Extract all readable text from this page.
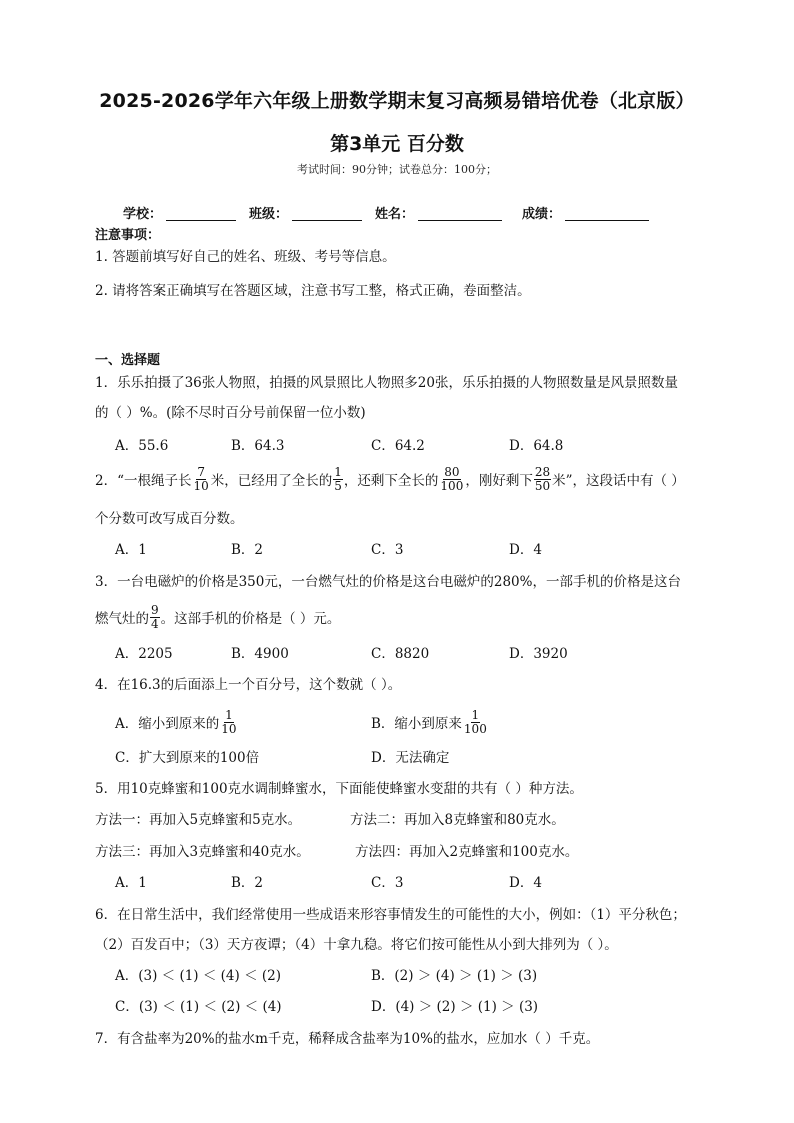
2025-2026学年六年级上册数学期末复习高频易错培优卷（北京版）
第3单元 百分数
考试时间：90分钟；试卷总分：100分；
学校：	班级：	姓名：	成绩：
注意事项：
1. 答题前填写好自己的姓名、班级、考号等信息。
2. 请将答案正确填写在答题区域，注意书写工整，格式正确，卷面整洁。
一、选择题
1．乐乐拍摄了36张人物照，拍摄的风景照比人物照多20张，乐乐拍摄的人物照数量是风景照数量
的（ ）%。(除不尽时百分号前保留一位小数)
A．55.6	B．64.3	C．64.2	D．64.8
2．“一根绳子长 $\frac{7}{10}$ 米，已经用了全长的 $\frac{1}{5}$ ，还剩下全长的 $\frac{80}{100}$ ，刚好剩下 $\frac{28}{50}$ 米”，这段话中有（ ）
个分数可改写成百分数。
A．1	B．2	C．3	D．4
3．一台电磁炉的价格是350元，一台燃气灶的价格是这台电磁炉的280%，一部手机的价格是这台
燃气灶的 $\frac{9}{4}$ 。这部手机的价格是（ ）元。
A．2205	B．4900	C．8820	D．3920
4．在16.3的后面添上一个百分号，这个数就（ ）。
A．缩小到原来的 $\frac{1}{10}$	B．缩小到原来 $\frac{1}{100}$
C．扩大到原来的100倍	D．无法确定
5．用10克蜂蜜和100克水调制蜂蜜水，下面能使蜂蜜水变甜的共有（ ）种方法。
方法一：再加入5克蜂蜜和5克水。	方法二：再加入8克蜂蜜和80克水。
方法三：再加入3克蜂蜜和40克水。	方法四：再加入2克蜂蜜和100克水。
A．1	B．2	C．3	D．4
6．在日常生活中，我们经常使用一些成语来形容事情发生的可能性的大小，例如：（1）平分秋色；
（2）百发百中；（3）天方夜谭；（4）十拿九稳。将它们按可能性从小到大排列为（ ）。
A．(3) ＜ (1) ＜ (4) ＜ (2)	B．(2) ＞ (4) ＞ (1) ＞ (3)
C．(3) ＜ (1) ＜ (2) ＜ (4)	D．(4) ＞ (2) ＞ (1) ＞ (3)
7．有含盐率为20%的盐水m千克，稀释成含盐率为10%的盐水，应加水（ ）千克。
